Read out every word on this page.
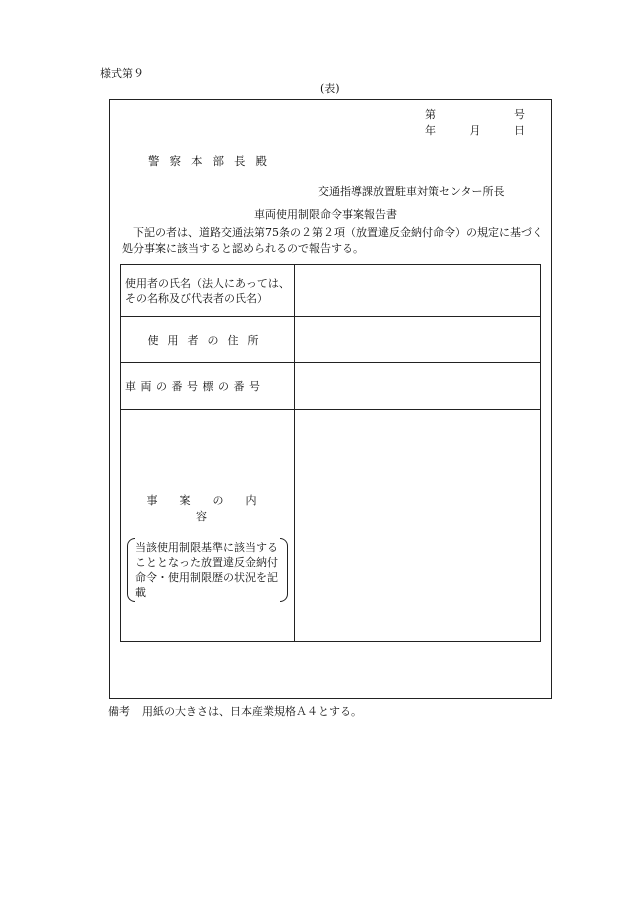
様式第９
(表)
第	号
年	月	日
警察本部長殿
交通指導課放置駐車対策センター所長
車両使用制限命令事案報告書
下記の者は、道路交通法第75条の２第２項（放置違反金納付命令）の規定に基づく処分事案に該当すると認められるので報告する。
使用者の氏名（法人にあっては、その名称及び代表者の氏名）	

使用者の住所	

車両の番号標の番号	

事案の内容
当該使用制限基準に該当することとなった放置違反金納付命令・使用制限歴の状況を記載	

備考 用紙の大きさは、日本産業規格Ａ４とする。
